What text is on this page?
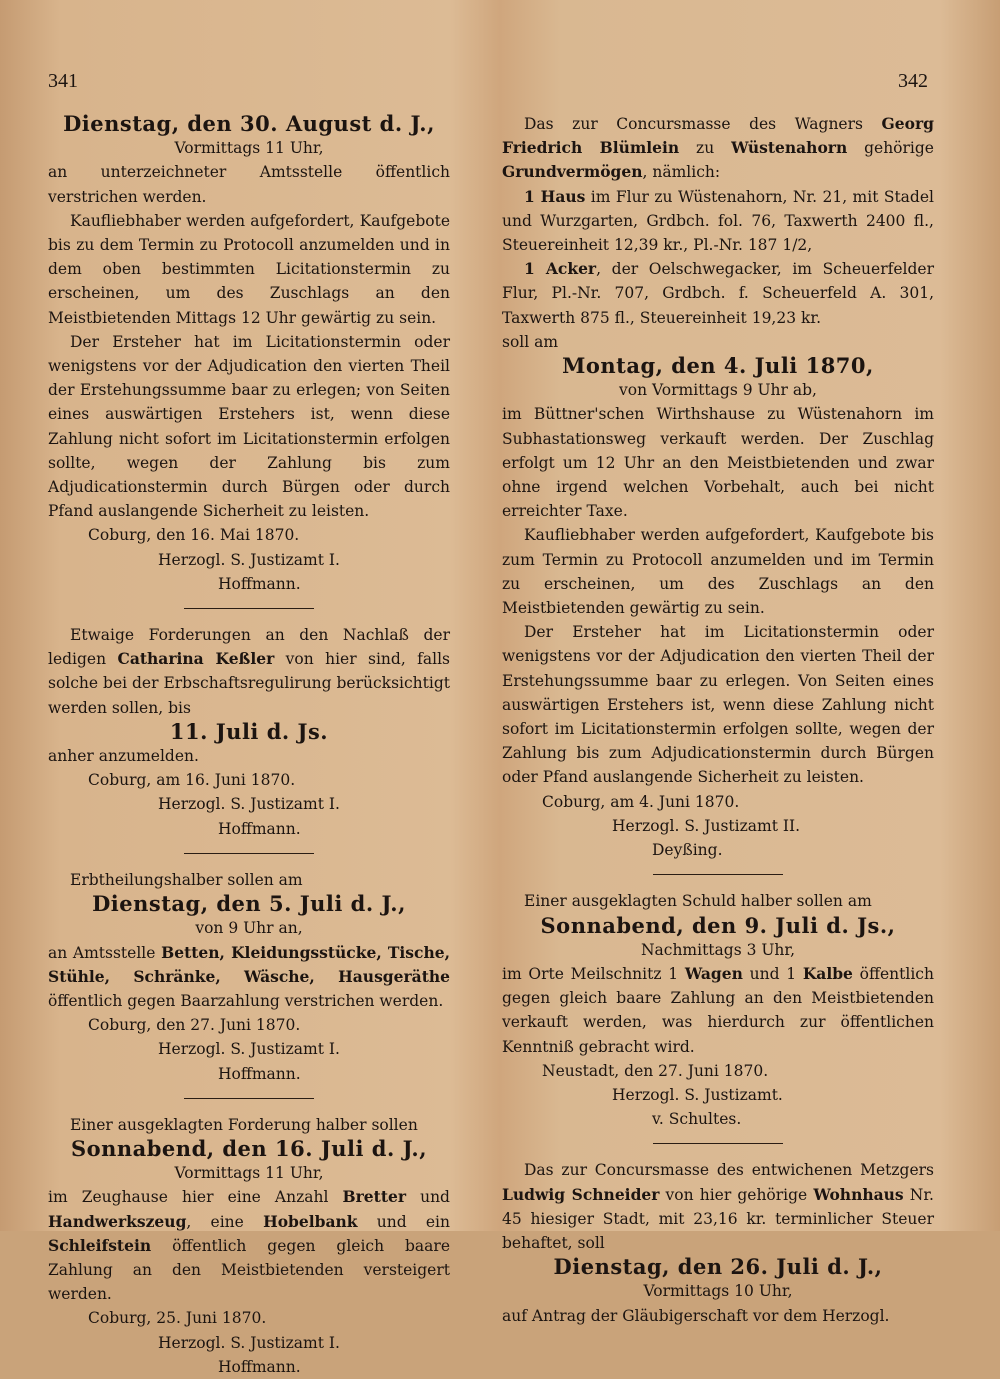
341	342

Dienstag, den 30. August d. J.,

Vormittags 11 Uhr,

an unterzeichneter Amtsstelle öffentlich verstrichen werden.

Kaufliebhaber werden aufgefordert, Kaufgebote bis zu dem Termin zu Protocoll anzumelden und in dem oben bestimmten Licitationstermin zu erscheinen, um des Zuschlags an den Meistbietenden Mittags 12 Uhr gewärtig zu sein.

Der Ersteher hat im Licitationstermin oder wenigstens vor der Adjudication den vierten Theil der Erstehungssumme baar zu erlegen; von Seiten eines auswärtigen Erstehers ist, wenn diese Zahlung nicht sofort im Licitationstermin erfolgen sollte, wegen der Zahlung bis zum Adjudicationstermin durch Bürgen oder durch Pfand auslangende Sicherheit zu leisten.

Coburg, den 16. Mai 1870.

Herzogl. S. Justizamt I.

Hoffmann.

Etwaige Forderungen an den Nachlaß der ledigen Catharina Keßler von hier sind, falls solche bei der Erbschaftsregulirung berücksichtigt werden sollen, bis

11. Juli d. Js.

anher anzumelden.

Coburg, am 16. Juni 1870.

Herzogl. S. Justizamt I.

Hoffmann.

Erbtheilungshalber sollen am

Dienstag, den 5. Juli d. J.,

von 9 Uhr an,

an Amtsstelle Betten, Kleidungsstücke, Tische, Stühle, Schränke, Wäsche, Hausgeräthe öffentlich gegen Baarzahlung verstrichen werden.

Coburg, den 27. Juni 1870.

Herzogl. S. Justizamt I.

Hoffmann.

Einer ausgeklagten Forderung halber sollen

Sonnabend, den 16. Juli d. J.,

Vormittags 11 Uhr,

im Zeughause hier eine Anzahl Bretter und Handwerkszeug, eine Hobelbank und ein Schleifstein öffentlich gegen gleich baare Zahlung an den Meistbietenden versteigert werden.

Coburg, 25. Juni 1870.

Herzogl. S. Justizamt I.

Hoffmann.

Das zur Concursmasse des Wagners Georg Friedrich Blümlein zu Wüstenahorn gehörige Grundvermögen, nämlich:

1 Haus im Flur zu Wüstenahorn, Nr. 21, mit Stadel und Wurzgarten, Grdbch. fol. 76, Taxwerth 2400 fl., Steuereinheit 12,39 kr., Pl.-Nr. 187 1/2,

1 Acker, der Oelschwegacker, im Scheuerfelder Flur, Pl.-Nr. 707, Grdbch. f. Scheuerfeld A. 301, Taxwerth 875 fl., Steuereinheit 19,23 kr.

soll am

Montag, den 4. Juli 1870,

von Vormittags 9 Uhr ab,

im Büttner'schen Wirthshause zu Wüstenahorn im Subhastationsweg verkauft werden. Der Zuschlag erfolgt um 12 Uhr an den Meistbietenden und zwar ohne irgend welchen Vorbehalt, auch bei nicht erreichter Taxe.

Kaufliebhaber werden aufgefordert, Kaufgebote bis zum Termin zu Protocoll anzumelden und im Termin zu erscheinen, um des Zuschlags an den Meistbietenden gewärtig zu sein.

Der Ersteher hat im Licitationstermin oder wenigstens vor der Adjudication den vierten Theil der Erstehungssumme baar zu erlegen. Von Seiten eines auswärtigen Erstehers ist, wenn diese Zahlung nicht sofort im Licitationstermin erfolgen sollte, wegen der Zahlung bis zum Adjudicationstermin durch Bürgen oder Pfand auslangende Sicherheit zu leisten.

Coburg, am 4. Juni 1870.

Herzogl. S. Justizamt II.

Deyßing.

Einer ausgeklagten Schuld halber sollen am

Sonnabend, den 9. Juli d. Js.,

Nachmittags 3 Uhr,

im Orte Meilschnitz 1 Wagen und 1 Kalbe öffentlich gegen gleich baare Zahlung an den Meistbietenden verkauft werden, was hierdurch zur öffentlichen Kenntniß gebracht wird.

Neustadt, den 27. Juni 1870.

Herzogl. S. Justizamt.

v. Schultes.

Das zur Concursmasse des entwichenen Metzgers Ludwig Schneider von hier gehörige Wohnhaus Nr. 45 hiesiger Stadt, mit 23,16 kr. terminlicher Steuer behaftet, soll

Dienstag, den 26. Juli d. J.,

Vormittags 10 Uhr,

auf Antrag der Gläubigerschaft vor dem Herzogl.
